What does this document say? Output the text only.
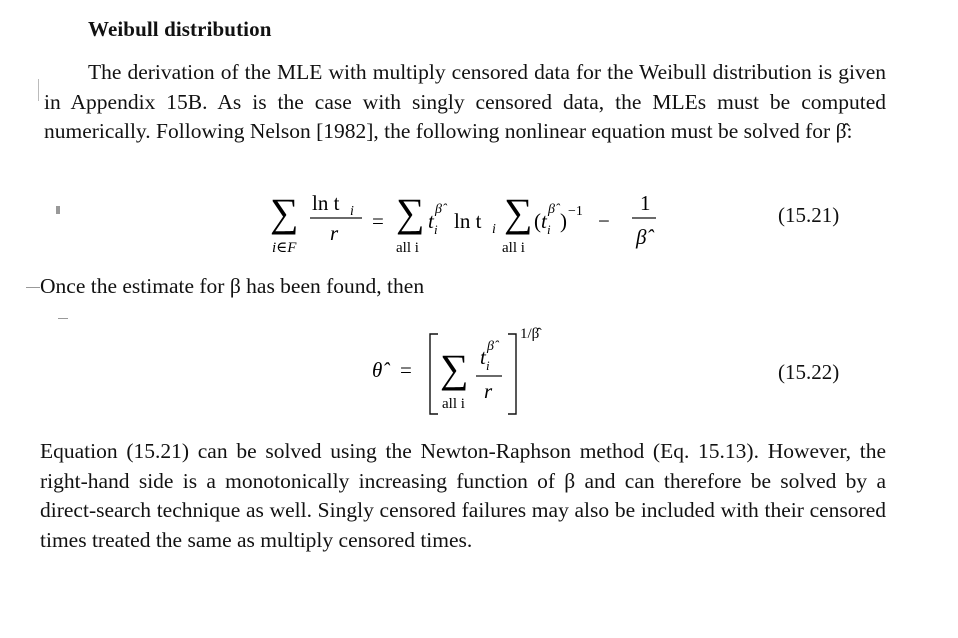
Weibull distribution
The derivation of the MLE with multiply censored data for the Weibull distribution is given in Appendix 15B. As is the case with singly censored data, the MLEs must be computed numerically. Following Nelson [1982], the following nonlinear equation must be solved for β̂:
∑
i∈F
ln t i
r = ∑
all i
t i
β̂ ln t i ∑
all i
( t i
β̂ ) −1 −
1
β̂
(15.21)
Once the estimate for β has been found, then
θ̂ = ∑
all i
t i
β̂
r
1/β̂
(15.22)
Equation (15.21) can be solved using the Newton-Raphson method (Eq. 15.13). However, the right-hand side is a monotonically increasing function of β and can therefore be solved by a direct-search technique as well. Singly censored failures may also be included with their censored times treated the same as multiply censored times.
